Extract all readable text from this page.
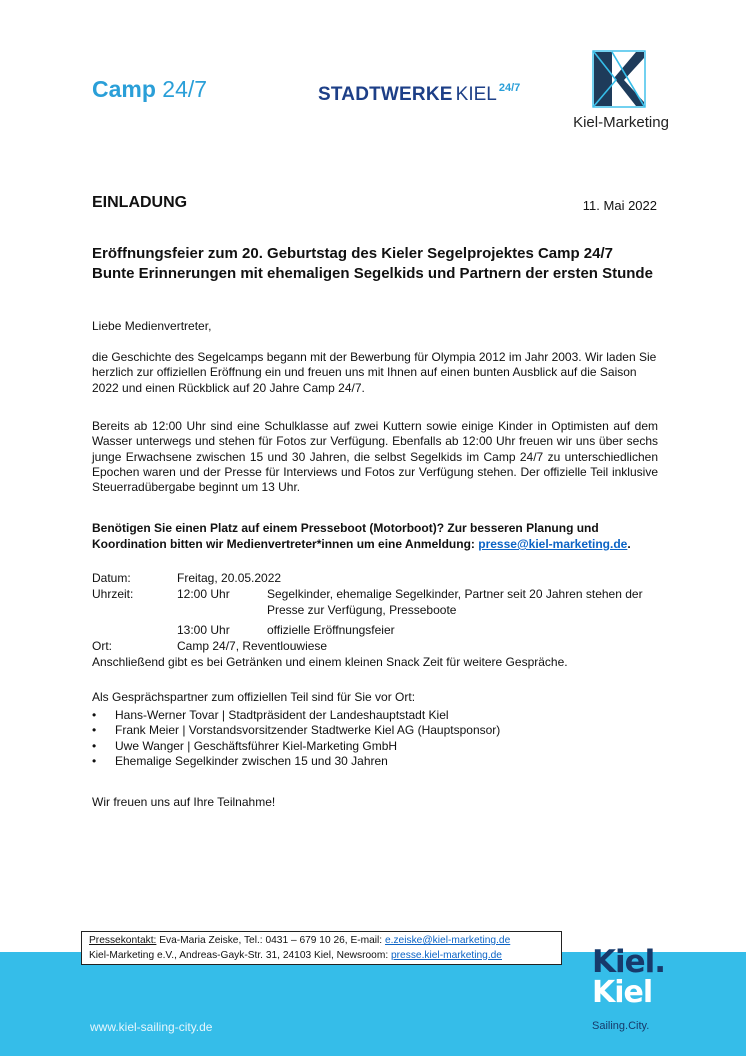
Camp 24/7	STADTWERKE KIEL $^{24/7}$
Kiel-Marketing
EINLADUNG	11. Mai 2022
Eröffnungsfeier zum 20. Geburtstag des Kieler Segelprojektes Camp 24/7
Bunte Erinnerungen mit ehemaligen Segelkids und Partnern der ersten Stunde
Liebe Medienvertreter,
die Geschichte des Segelcamps begann mit der Bewerbung für Olympia 2012 im Jahr 2003. Wir laden Sie herzlich zur offiziellen Eröffnung ein und freuen uns mit Ihnen auf einen bunten Ausblick auf die Saison 2022 und einen Rückblick auf 20 Jahre Camp 24/7.
Bereits ab 12:00 Uhr sind eine Schulklasse auf zwei Kuttern sowie einige Kinder in Optimisten auf dem Wasser unterwegs und stehen für Fotos zur Verfügung. Ebenfalls ab 12:00 Uhr freuen wir uns über sechs junge Erwachsene zwischen 15 und 30 Jahren, die selbst Segelkids im Camp 24/7 zu unterschiedlichen Epochen waren und der Presse für Interviews und Fotos zur Verfügung stehen. Der offizielle Teil inklusive Steuerradübergabe beginnt um 13 Uhr.
Benötigen Sie einen Platz auf einem Presseboot (Motorboot)? Zur besseren Planung und
Koordination bitten wir Medienvertreter*innen um eine Anmeldung: presse@kiel-marketing.de.
Datum:	Freitag, 20.05.2022
Uhrzeit:	12:00 Uhr	Segelkinder, ehemalige Segelkinder, Partner seit 20 Jahren stehen der
Presse zur Verfügung, Presseboote
13:00 Uhr	offizielle Eröffnungsfeier
Ort:	Camp 24/7, Reventlouwiese
Anschließend gibt es bei Getränken und einem kleinen Snack Zeit für weitere Gespräche.
Als Gesprächspartner zum offiziellen Teil sind für Sie vor Ort:
• Hans-Werner Tovar | Stadtpräsident der Landeshauptstadt Kiel
• Frank Meier | Vorstandsvorsitzender Stadtwerke Kiel AG (Hauptsponsor)
• Uwe Wanger | Geschäftsführer Kiel-Marketing GmbH
• Ehemalige Segelkinder zwischen 15 und 30 Jahren
Wir freuen uns auf Ihre Teilnahme!
www.kiel-sailing-city.de
Kiel.
Kiel
Sailing.City.
Pressekontakt: Eva-Maria Zeiske, Tel.: 0431 – 679 10 26, E-mail: e.zeiske@kiel-marketing.de
Kiel-Marketing e.V., Andreas-Gayk-Str. 31, 24103 Kiel, Newsroom: presse.kiel-marketing.de
